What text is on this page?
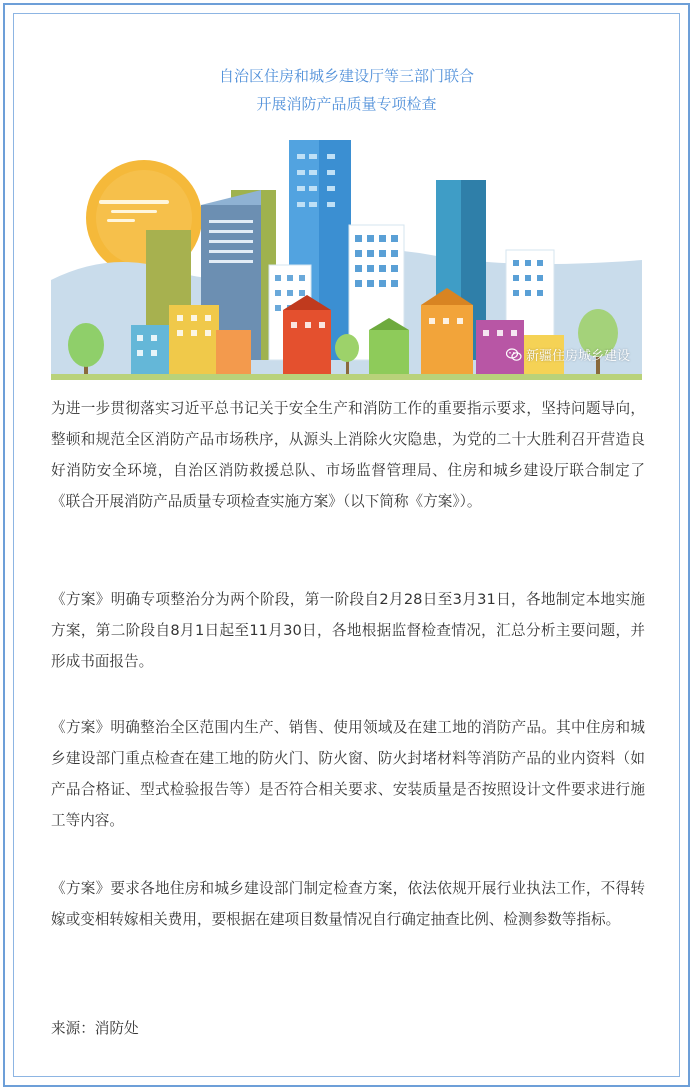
自治区住房和城乡建设厅等三部门联合
开展消防产品质量专项检查
新疆住房城乡建设

为进一步贯彻落实习近平总书记关于安全生产和消防工作的重要指示要求，坚持问题导向，整顿和规范全区消防产品市场秩序，从源头上消除火灾隐患，为党的二十大胜利召开营造良好消防安全环境，自治区消防救援总队、市场监督管理局、住房和城乡建设厅联合制定了《联合开展消防产品质量专项检查实施方案》（以下简称《方案》）。

《方案》明确专项整治分为两个阶段，第一阶段自2月28日至3月31日，各地制定本地实施方案，第二阶段自8月1日起至11月30日，各地根据监督检查情况，汇总分析主要问题，并形成书面报告。

《方案》明确整治全区范围内生产、销售、使用领域及在建工地的消防产品。其中住房和城乡建设部门重点检查在建工地的防火门、防火窗、防火封堵材料等消防产品的业内资料（如产品合格证、型式检验报告等）是否符合相关要求、安装质量是否按照设计文件要求进行施工等内容。

《方案》要求各地住房和城乡建设部门制定检查方案，依法依规开展行业执法工作，不得转嫁或变相转嫁相关费用，要根据在建项目数量情况自行确定抽查比例、检测参数等指标。

来源：消防处
